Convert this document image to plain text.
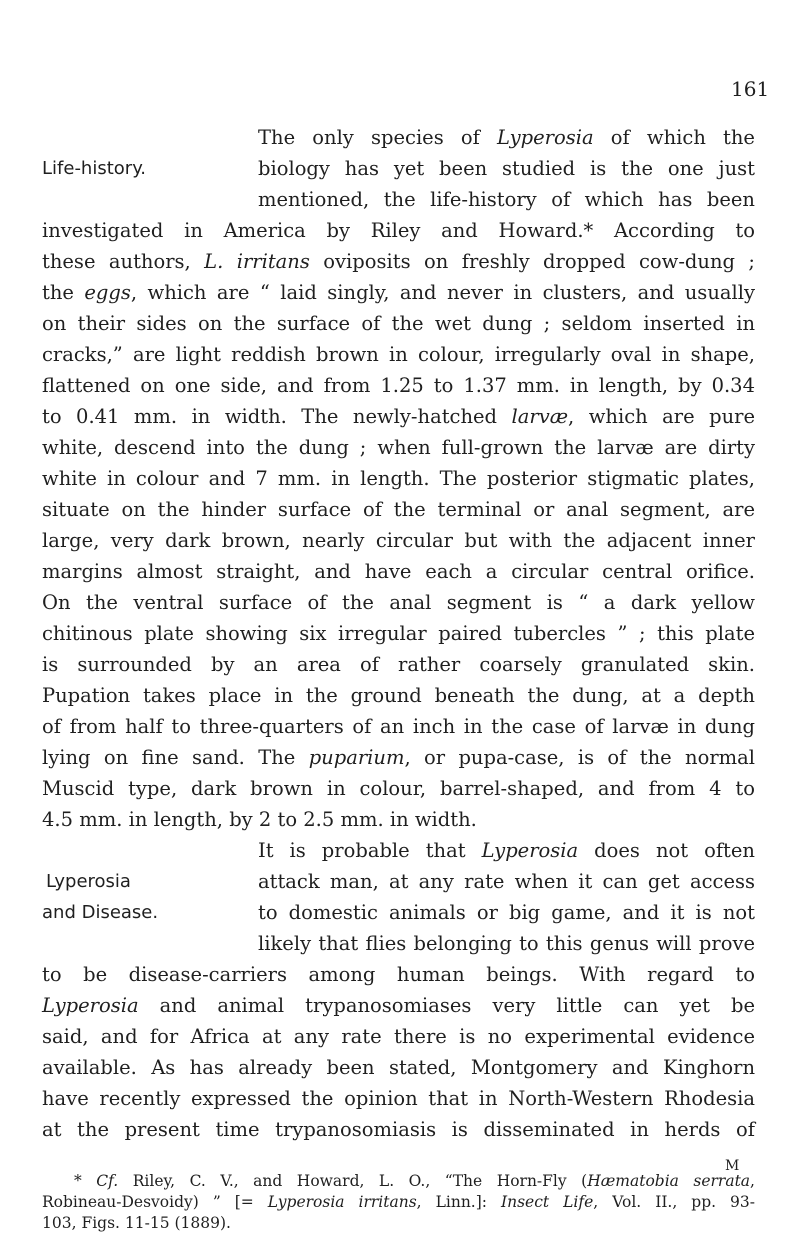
161
The only species of Lyperosia of which the
Life-history.	biology has yet been studied is the one just
mentioned, the life-history of which has been
investigated in America by Riley and Howard.* According to
these authors, L. irritans oviposits on freshly dropped cow-dung ;
the eggs, which are “ laid singly, and never in clusters, and usually
on their sides on the surface of the wet dung ; seldom inserted in
cracks,” are light reddish brown in colour, irregularly oval in shape,
flattened on one side, and from 1.25 to 1.37 mm. in length, by 0.34
to 0.41 mm. in width. The newly-hatched larvæ, which are pure
white, descend into the dung ; when full-grown the larvæ are dirty
white in colour and 7 mm. in length. The posterior stigmatic plates,
situate on the hinder surface of the terminal or anal segment, are
large, very dark brown, nearly circular but with the adjacent inner
margins almost straight, and have each a circular central orifice.
On the ventral surface of the anal segment is “ a dark yellow
chitinous plate showing six irregular paired tubercles ” ; this plate
is surrounded by an area of rather coarsely granulated skin.
Pupation takes place in the ground beneath the dung, at a depth
of from half to three-quarters of an inch in the case of larvæ in dung
lying on fine sand. The puparium, or pupa-case, is of the normal
Muscid type, dark brown in colour, barrel-shaped, and from 4 to
4.5 mm. in length, by 2 to 2.5 mm. in width.
It is probable that Lyperosia does not often
Lyperosia	attack man, at any rate when it can get access
and Disease.	to domestic animals or big game, and it is not
likely that flies belonging to this genus will prove
to be disease-carriers among human beings. With regard to
Lyperosia and animal trypanosomiases very little can yet be
said, and for Africa at any rate there is no experimental evidence
available. As has already been stated, Montgomery and Kinghorn
have recently expressed the opinion that in North-Western Rhodesia
at the present time trypanosomiasis is disseminated in herds of
* Cf. Riley, C. V., and Howard, L. O., “The Horn-Fly (Hæmatobia serrata,
Robineau-Desvoidy) ” [= Lyperosia irritans, Linn.]: Insect Life, Vol. II., pp. 93-
103, Figs. 11-15 (1889).
M
